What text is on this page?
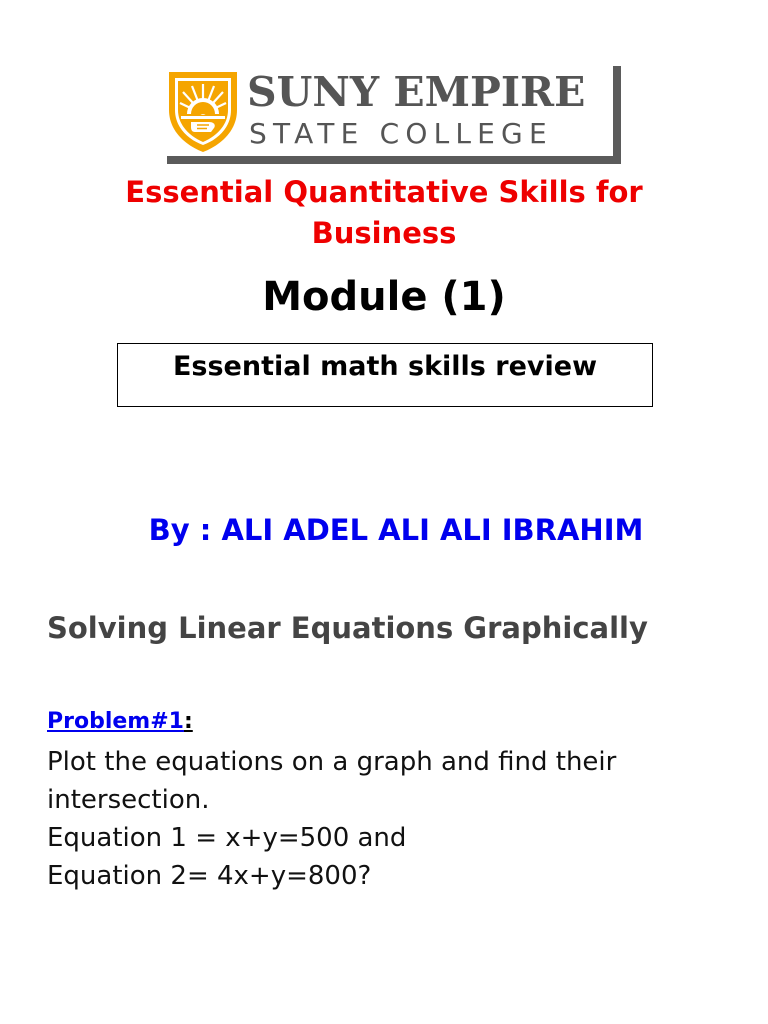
SUNY EMPIRE
STATE COLLEGE
Essential Quantitative Skills for Business
Module (1)
Essential math skills review
By : ALI ADEL ALI ALI IBRAHIM
Solving Linear Equations Graphically
Problem#1:
Plot the equations on a graph and find their
intersection.
Equation 1 = x+y=500 and
Equation 2= 4x+y=800?
